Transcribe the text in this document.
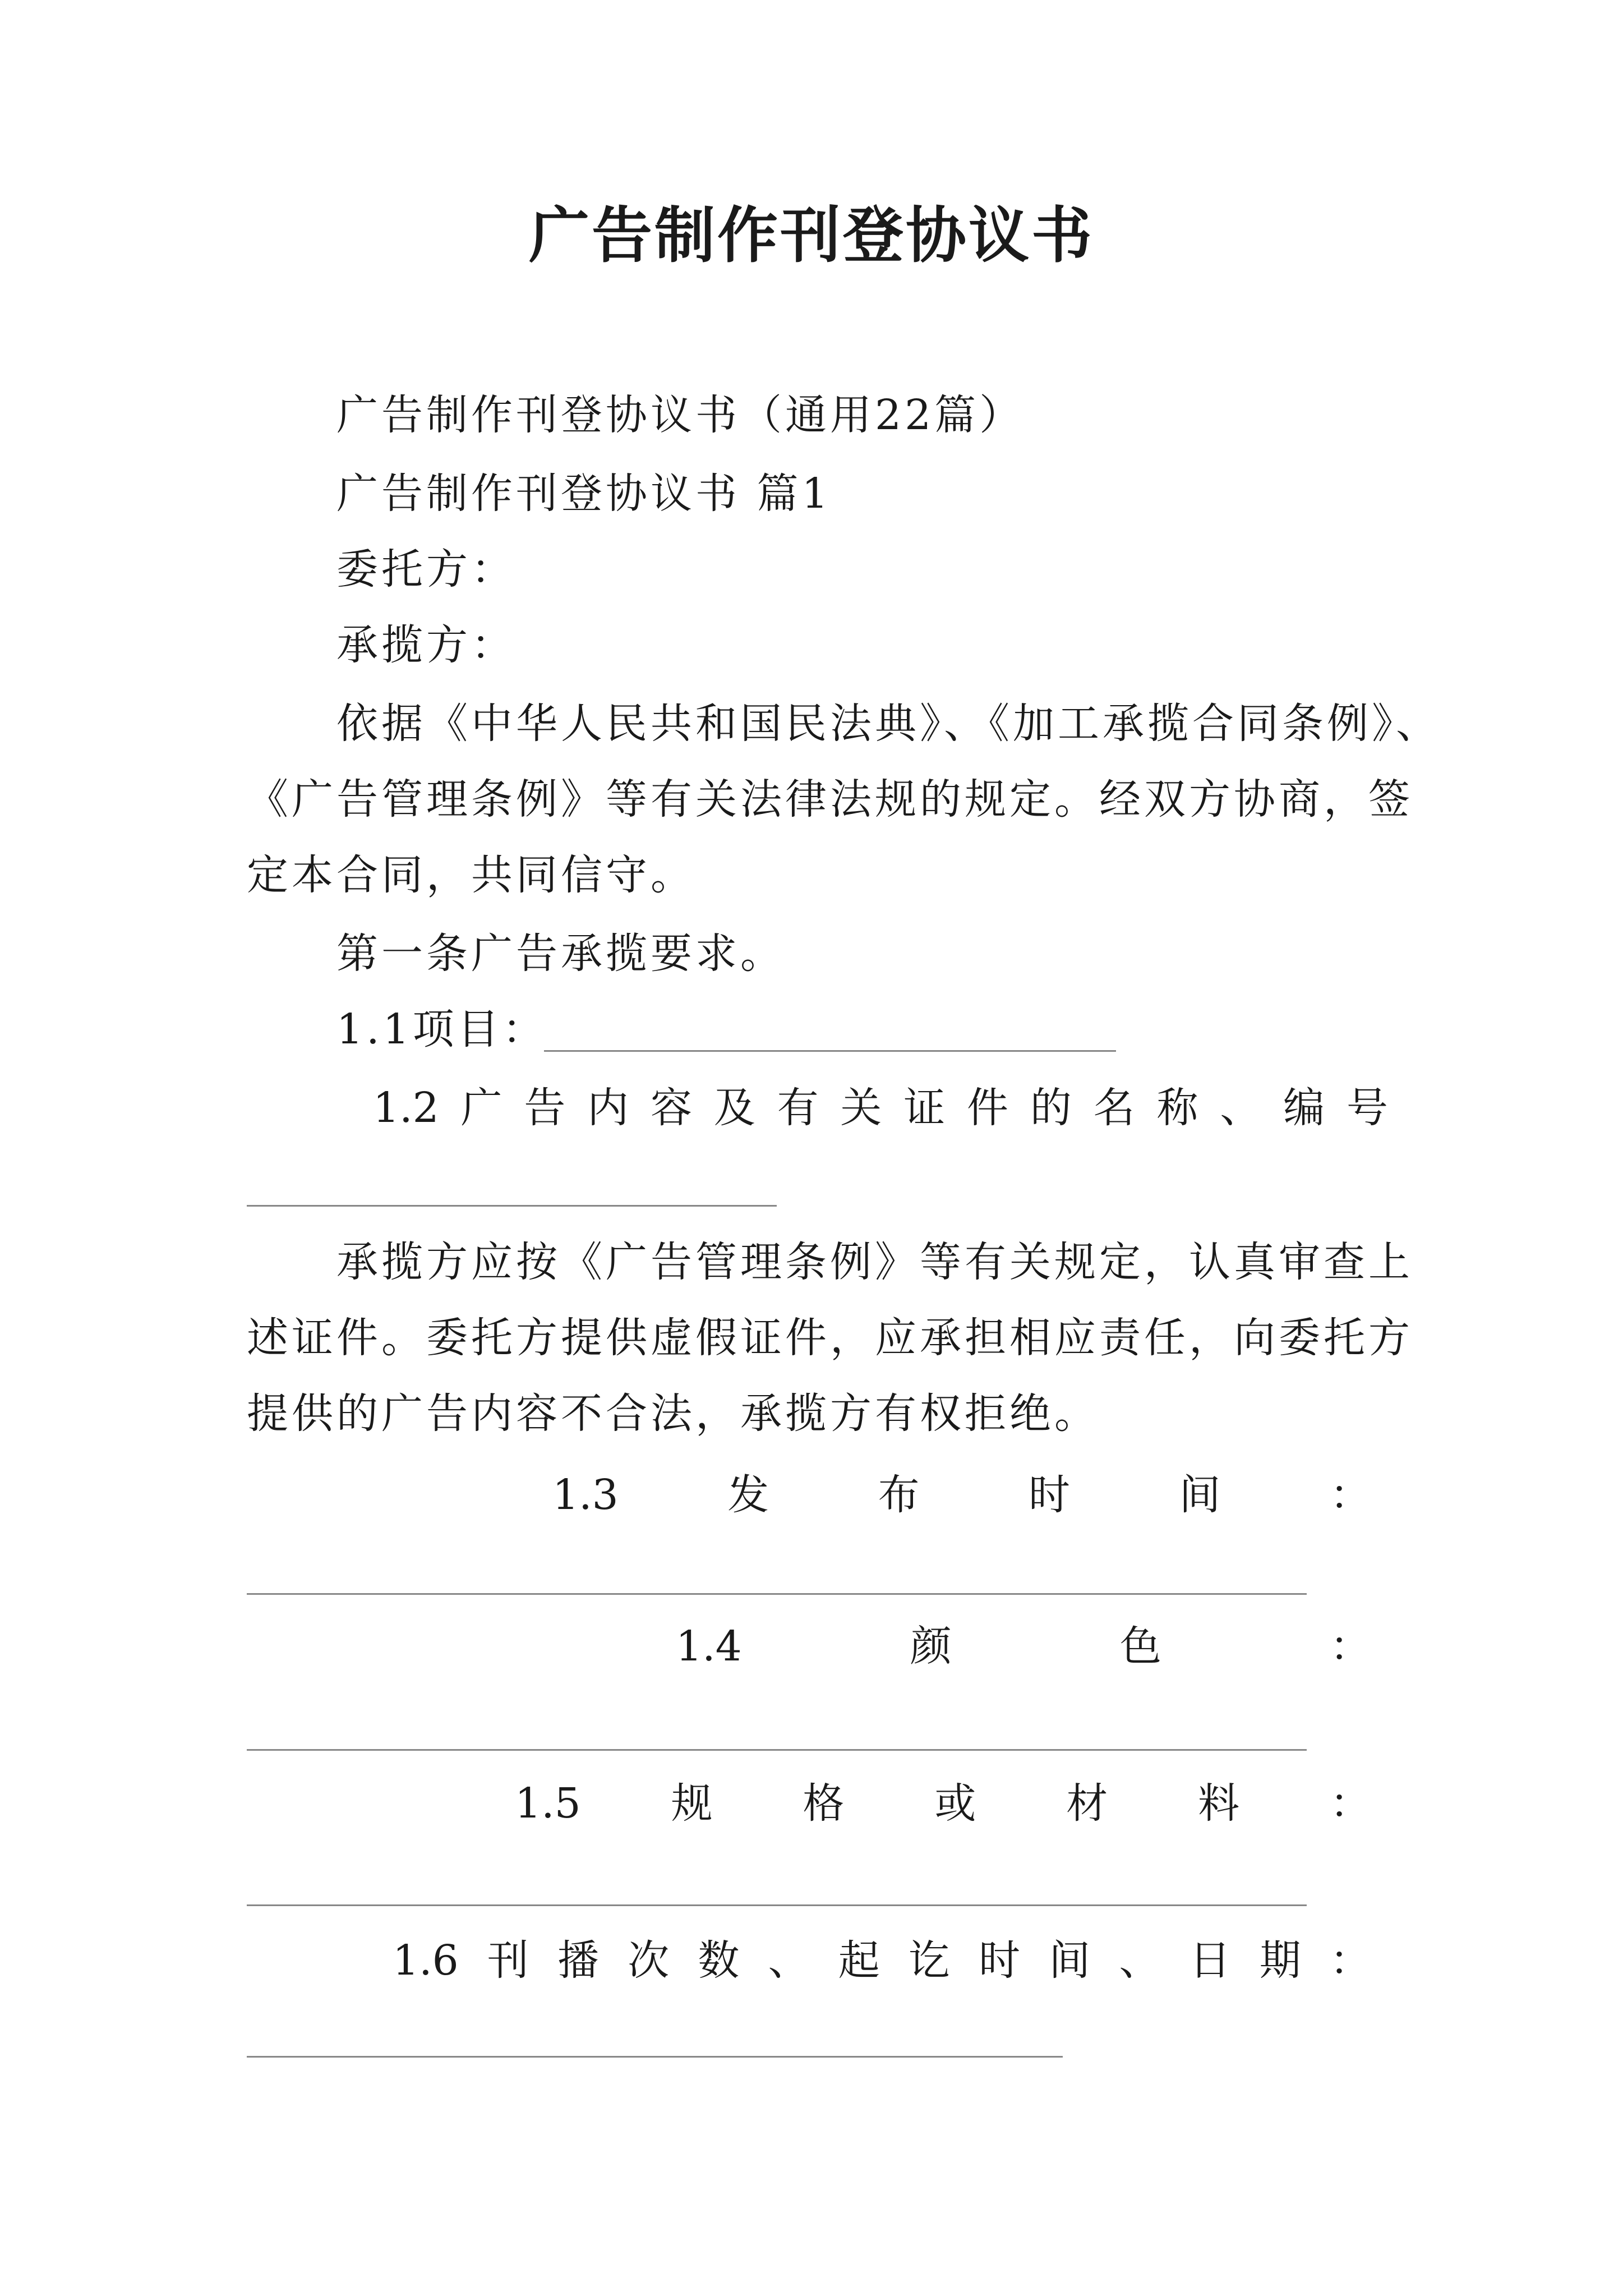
广告制作刊登协议书
广告制作刊登协议书（通用22篇）
广告制作刊登协议书 篇1
委托方：
承揽方：
依据《中华人民共和国民法典》、《加工承揽合同条例》、
《广告管理条例》等有关法律法规的规定。经双方协商，签
定本合同，共同信守。
第一条广告承揽要求。
1.1项目：
1.2 广 告 内 容 及 有 关 证 件 的 名 称 、 编 号
承揽方应按《广告管理条例》等有关规定，认真审查上
述证件。委托方提供虚假证件，应承担相应责任，向委托方
提供的广告内容不合法，承揽方有权拒绝。
1.3	发	布	时	间	：
1.4	颜	色	：
1.5 规 格 或 材 料 ：
1.6 刊 播 次 数 、 起 讫 时 间 、 日 期 ：
